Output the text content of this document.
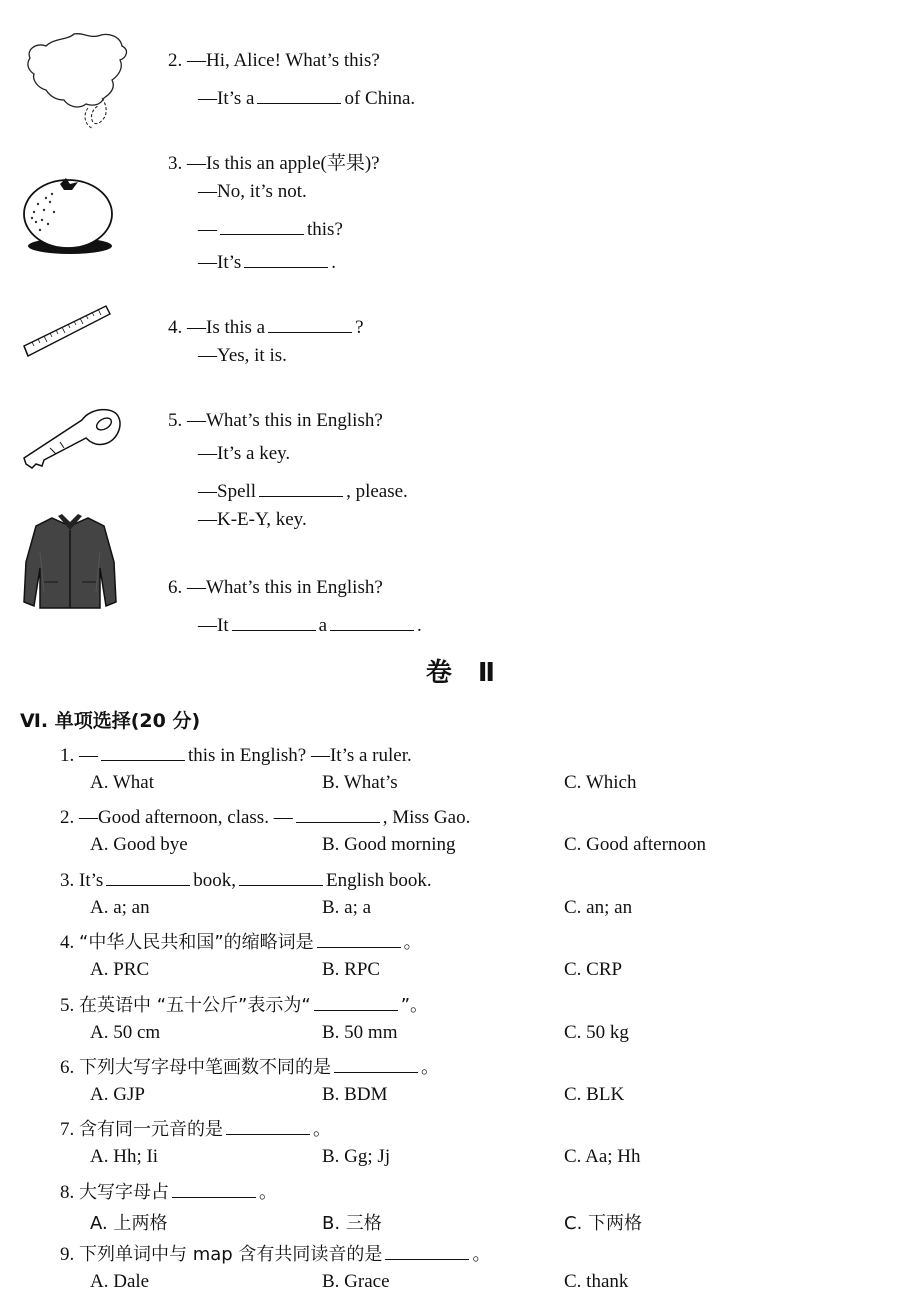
2. —Hi, Alice! What’s this?
—It’s a	of China.
3. —Is this an apple(苹果)?
—No, it’s not.
—	this?
—It’s	.
4. —Is this a	?
—Yes, it is.
5. —What’s this in English?
—It’s a key.
—Spell	, please.
—K-E-Y, key.
6. —What’s this in English?
—It	a	.
卷　Ⅱ
Ⅵ. 单项选择(20 分)
1. —	this in English? —It’s a ruler.
A. What	B. What’s	C. Which
2. —Good afternoon, class. —	, Miss Gao.
A. Good bye	B. Good morning	C. Good afternoon
3. It’s	book,	English book.
A. a; an	B. a; a	C. an; an
4. “中华人民共和国”的缩略词是	。
A. PRC	B. RPC	C. CRP
5. 在英语中 “五十公斤”表示为“	”。
A. 50 cm	B. 50 mm	C. 50 kg
6. 下列大写字母中笔画数不同的是	。
A. GJP	B. BDM	C. BLK
7. 含有同一元音的是	。
A. Hh; Ii	B. Gg; Jj	C. Aa; Hh
8. 大写字母占	。
A. 上两格	B. 三格	C. 下两格
9. 下列单词中与 map 含有共同读音的是	。
A. Dale	B. Grace	C. thank
